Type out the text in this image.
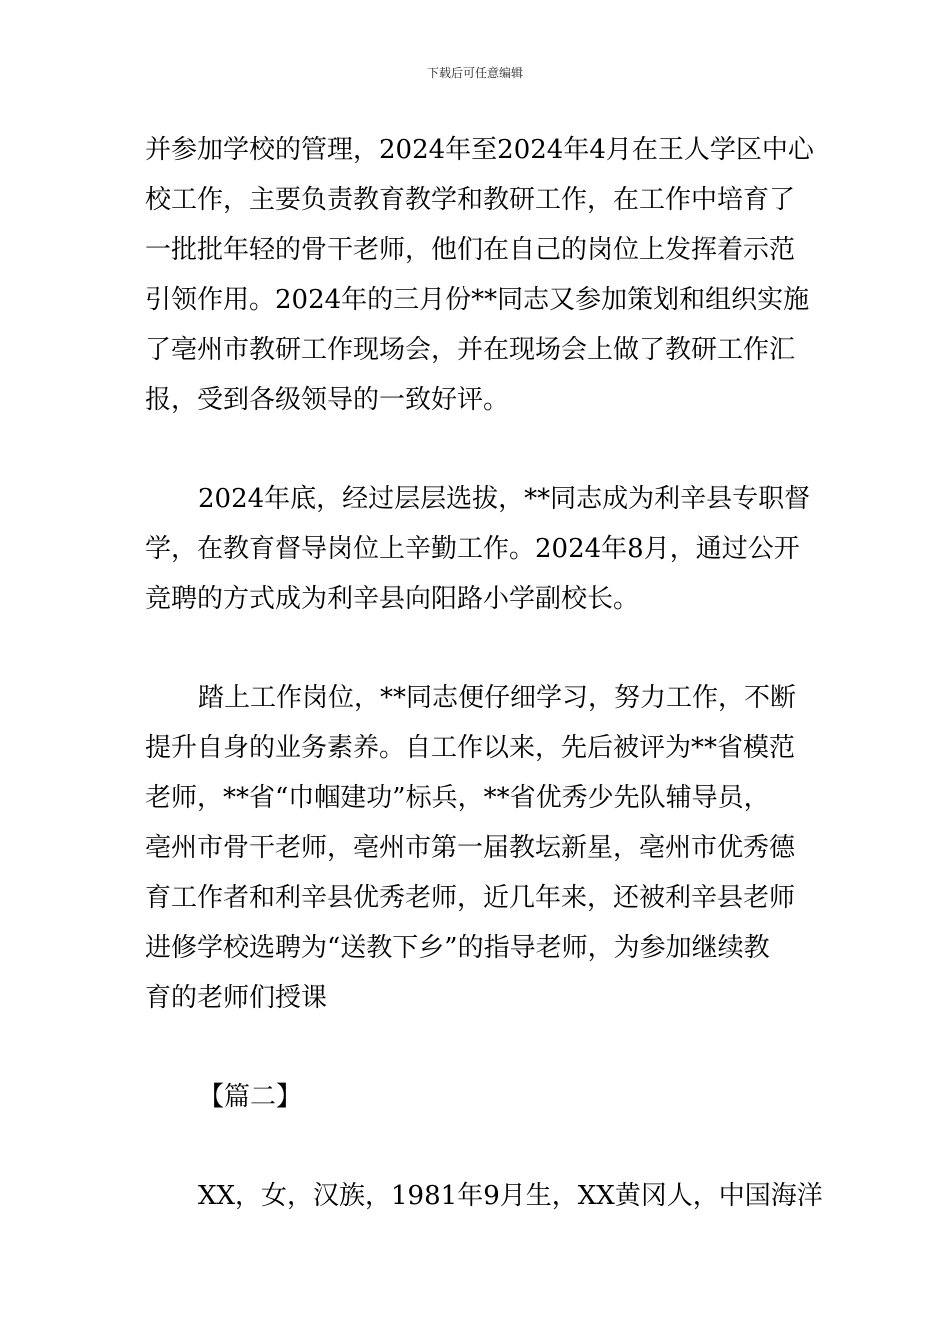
下载后可任意编辑
并参加学校的管理，2024年至2024年4月在王人学区中心
校工作，主要负责教育教学和教研工作，在工作中培育了
一批批年轻的骨干老师，他们在自己的岗位上发挥着示范
引领作用。2024年的三月份**同志又参加策划和组织实施
了亳州市教研工作现场会，并在现场会上做了教研工作汇
报，受到各级领导的一致好评。
2024年底，经过层层选拔，**同志成为利辛县专职督
学，在教育督导岗位上辛勤工作。2024年8月，通过公开
竞聘的方式成为利辛县向阳路小学副校长。
踏上工作岗位，**同志便仔细学习，努力工作，不断
提升自身的业务素养。自工作以来，先后被评为**省模范
老师，**省“巾帼建功”标兵，**省优秀少先队辅导员，
亳州市骨干老师，亳州市第一届教坛新星，亳州市优秀德
育工作者和利辛县优秀老师，近几年来，还被利辛县老师
进修学校选聘为“送教下乡”的指导老师，为参加继续教
育的老师们授课
【篇二】
XX，女，汉族，1981年9月生，XX黄冈人，中国海洋
